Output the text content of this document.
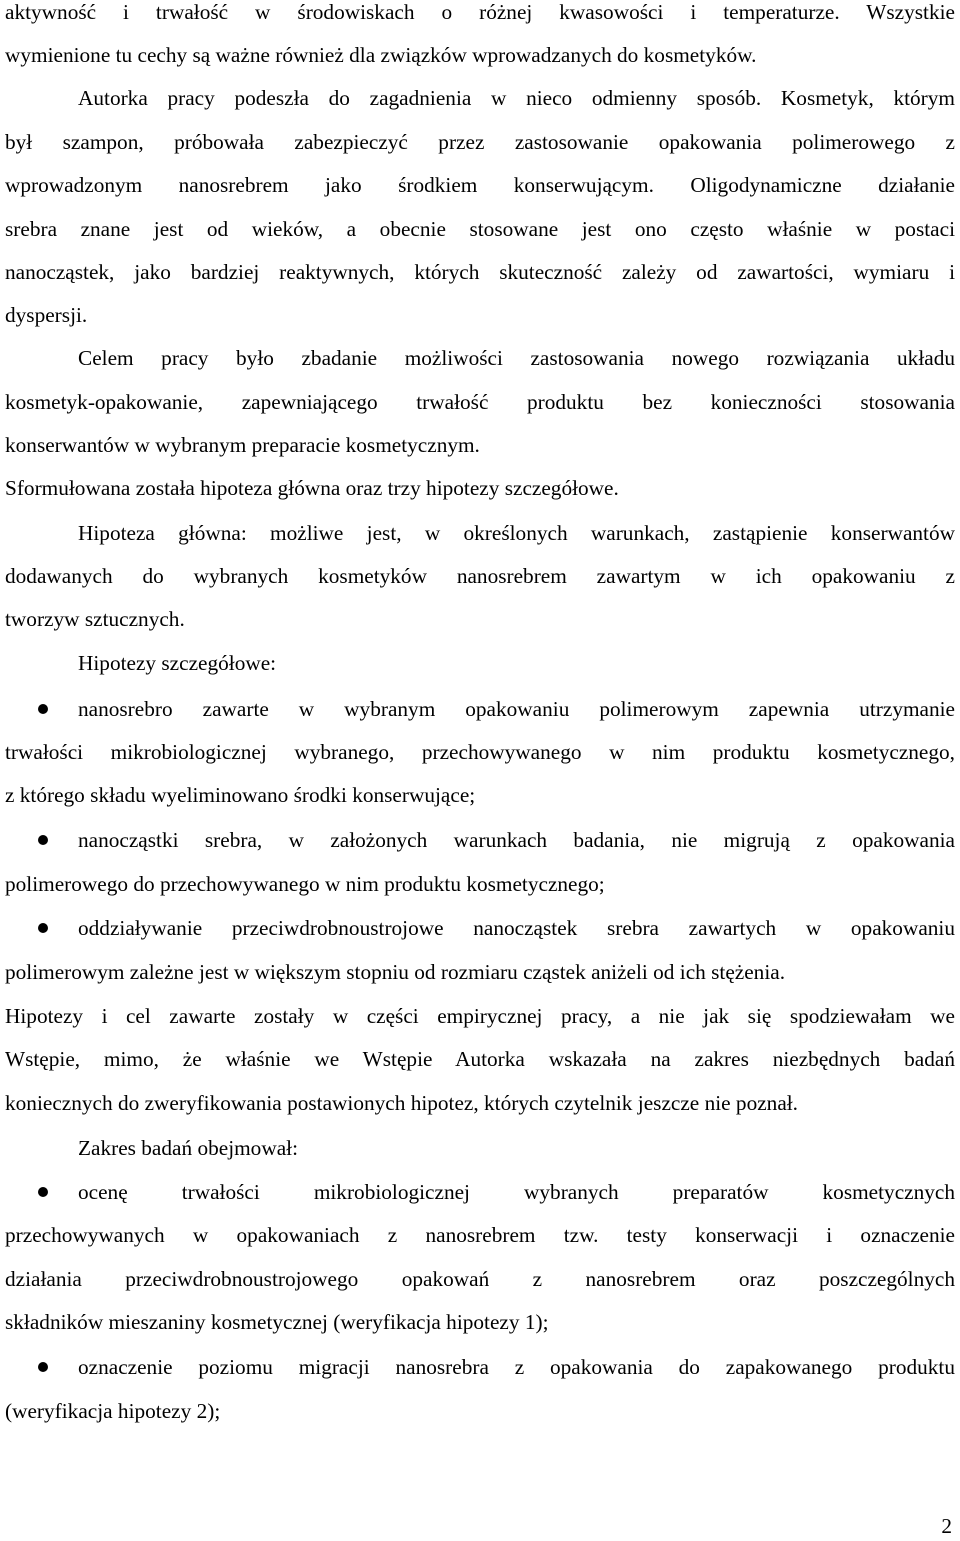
aktywność i trwałość w środowiskach o różnej kwasowości i temperaturze. Wszystkie
wymienione tu cechy są ważne również dla związków wprowadzanych do kosmetyków.
Autorka pracy podeszła do zagadnienia w nieco odmienny sposób. Kosmetyk, którym
był szampon, próbowała zabezpieczyć przez zastosowanie opakowania polimerowego z
wprowadzonym nanosrebrem jako środkiem konserwującym. Oligodynamiczne działanie
srebra znane jest od wieków, a obecnie stosowane jest ono często właśnie w postaci
nanocząstek, jako bardziej reaktywnych, których skuteczność zależy od zawartości, wymiaru i
dyspersji.
Celem pracy było zbadanie możliwości zastosowania nowego rozwiązania układu
kosmetyk-opakowanie, zapewniającego trwałość produktu bez konieczności stosowania
konserwantów w wybranym preparacie kosmetycznym.
Sformułowana została hipoteza główna oraz trzy hipotezy szczegółowe.
Hipoteza główna: możliwe jest, w określonych warunkach, zastąpienie konserwantów
dodawanych do wybranych kosmetyków nanosrebrem zawartym w ich opakowaniu z
tworzyw sztucznych.
Hipotezy szczegółowe:
nanosrebro zawarte w wybranym opakowaniu polimerowym zapewnia utrzymanie
trwałości mikrobiologicznej wybranego, przechowywanego w nim produktu kosmetycznego,
z którego składu wyeliminowano środki konserwujące;
nanocząstki srebra, w założonych warunkach badania, nie migrują z opakowania
polimerowego do przechowywanego w nim produktu kosmetycznego;
oddziaływanie przeciwdrobnoustrojowe nanocząstek srebra zawartych w opakowaniu
polimerowym zależne jest w większym stopniu od rozmiaru cząstek aniżeli od ich stężenia.
Hipotezy i cel zawarte zostały w części empirycznej pracy, a nie jak się spodziewałam we
Wstępie, mimo, że właśnie we Wstępie Autorka wskazała na zakres niezbędnych badań
koniecznych do zweryfikowania postawionych hipotez, których czytelnik jeszcze nie poznał.
Zakres badań obejmował:
ocenę trwałości mikrobiologicznej wybranych preparatów kosmetycznych
przechowywanych w opakowaniach z nanosrebrem tzw. testy konserwacji i oznaczenie
działania przeciwdrobnoustrojowego opakowań z nanosrebrem oraz poszczególnych
składników mieszaniny kosmetycznej (weryfikacja hipotezy 1);
oznaczenie poziomu migracji nanosrebra z opakowania do zapakowanego produktu
(weryfikacja hipotezy 2);
2
